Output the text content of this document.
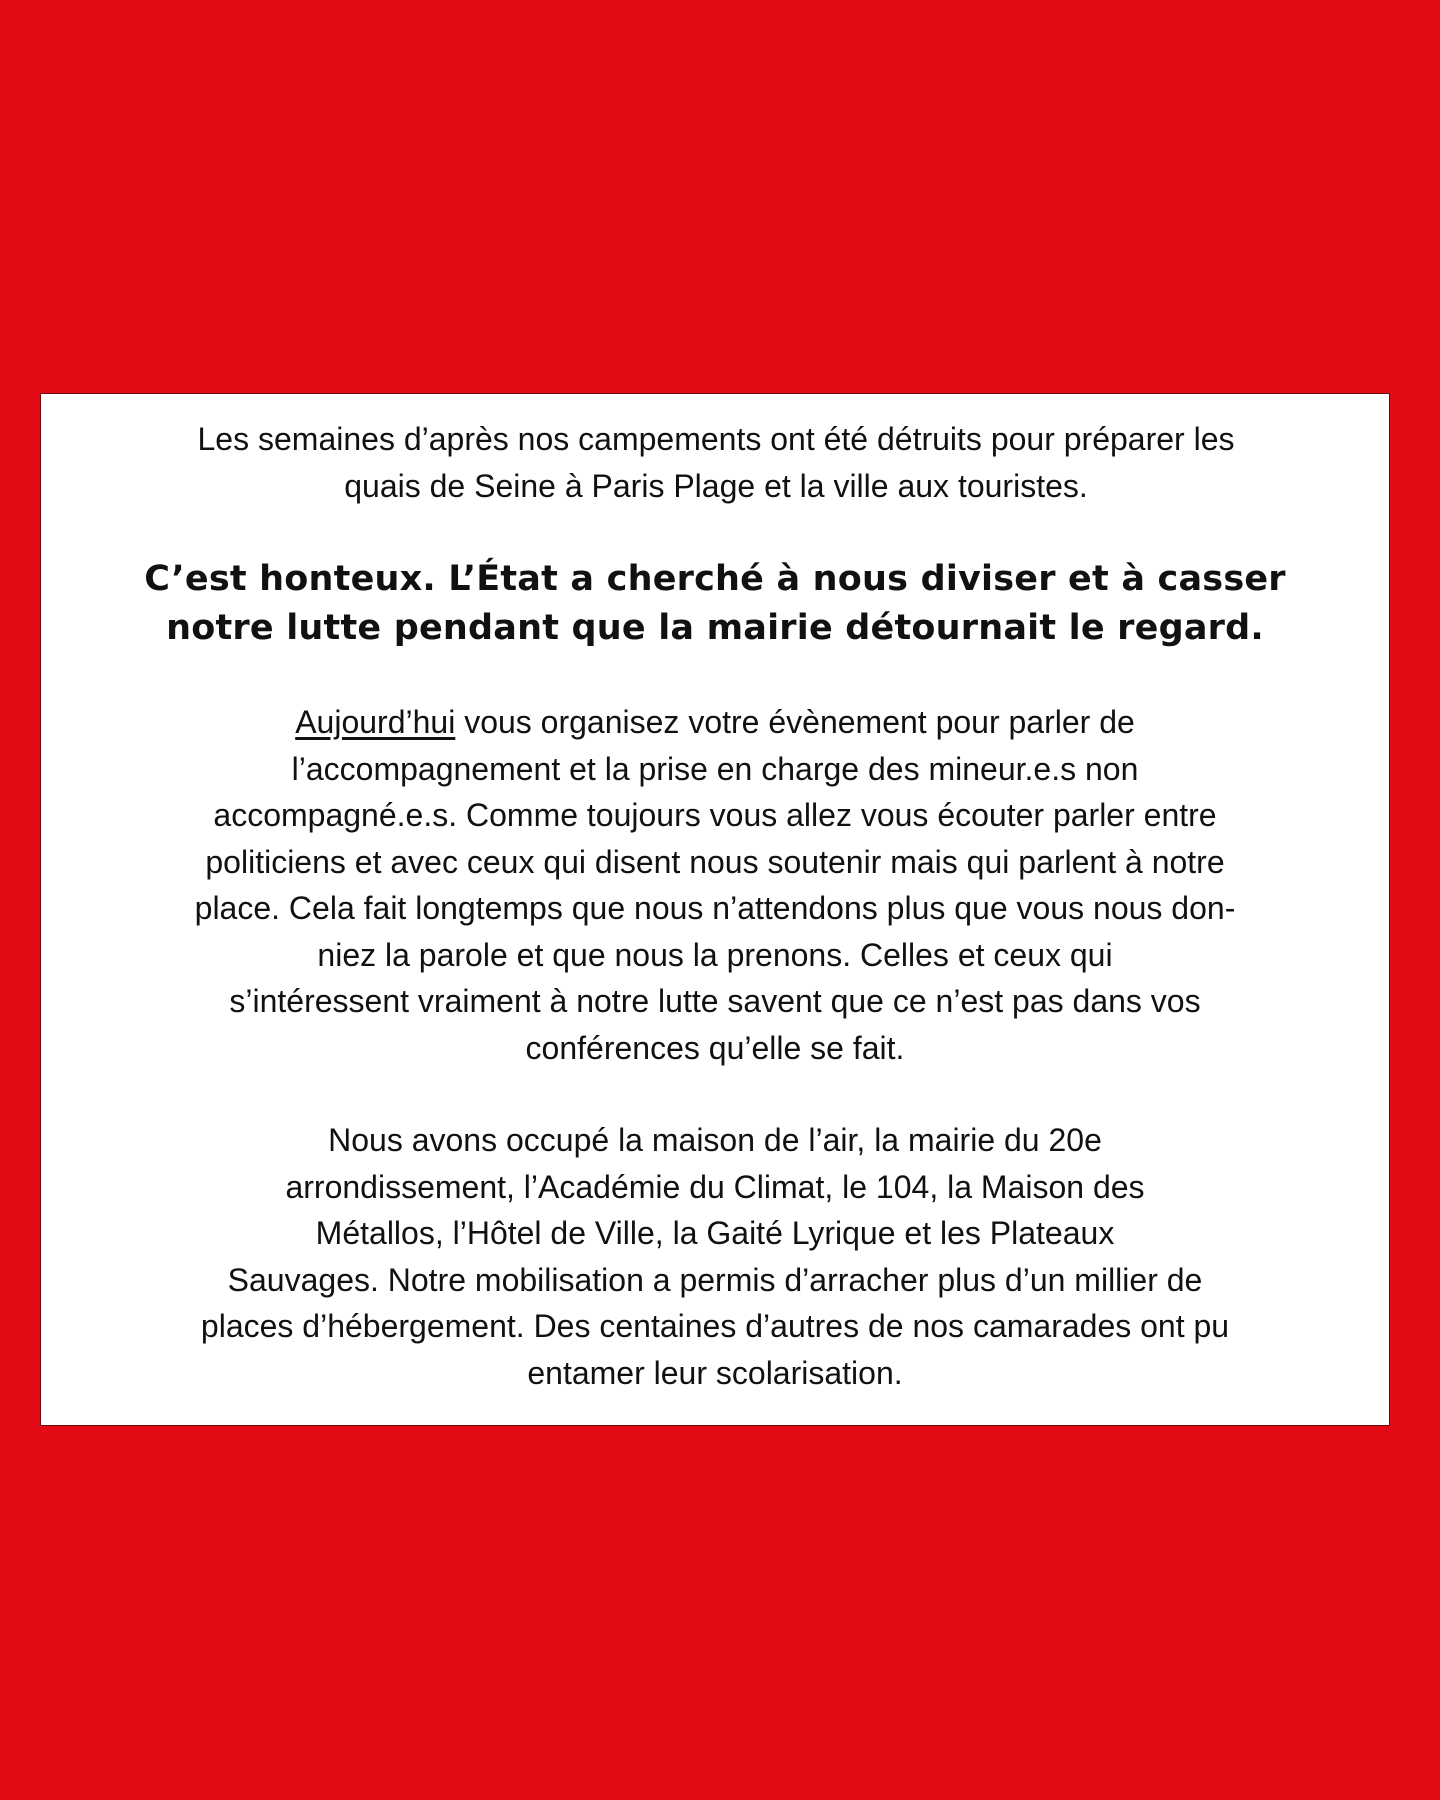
Les semaines d’après nos campements ont été détruits pour préparer les
quais de Seine à Paris Plage et la ville aux touristes.

C’est honteux. L’État a cherché à nous diviser et à casser
notre lutte pendant que la mairie détournait le regard.

Aujourd’hui vous organisez votre évènement pour parler de
l’accompagnement et la prise en charge des mineur.e.s non
accompagné.e.s. Comme toujours vous allez vous écouter parler entre
politiciens et avec ceux qui disent nous soutenir mais qui parlent à notre
place. Cela fait longtemps que nous n’attendons plus que vous nous don-
niez la parole et que nous la prenons. Celles et ceux qui
s’intéressent vraiment à notre lutte savent que ce n’est pas dans vos
conférences qu’elle se fait.

Nous avons occupé la maison de l’air, la mairie du 20e
arrondissement, l’Académie du Climat, le 104, la Maison des
Métallos, l’Hôtel de Ville, la Gaité Lyrique et les Plateaux
Sauvages. Notre mobilisation a permis d’arracher plus d’un millier de
places d’hébergement. Des centaines d’autres de nos camarades ont pu
entamer leur scolarisation.
